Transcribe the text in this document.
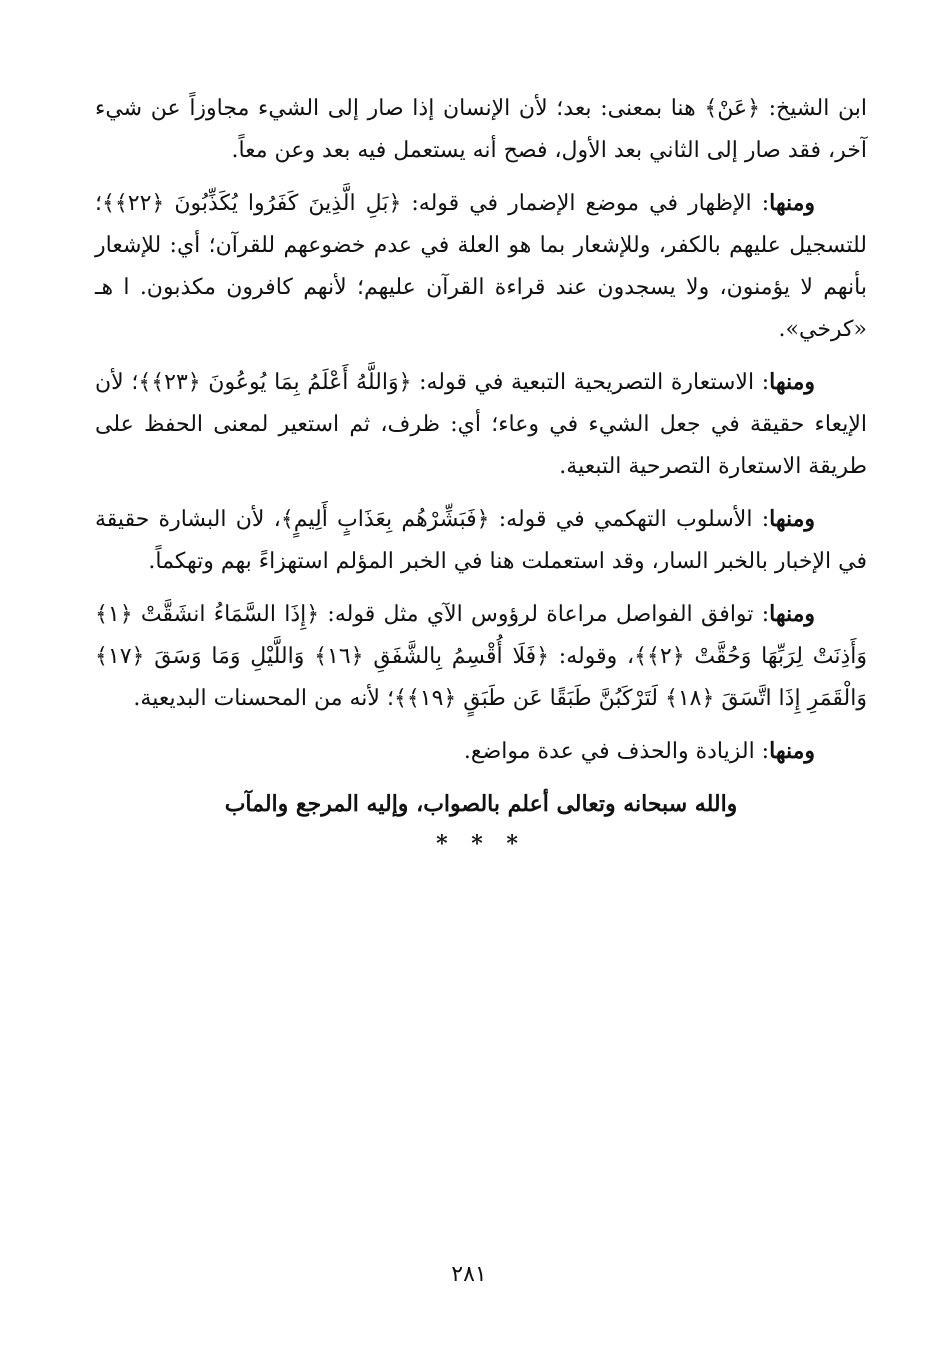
ابن الشيخ: ﴿عَنْ﴾ هنا بمعنى: بعد؛ لأن الإنسان إذا صار إلى الشيء مجاوزاً عن شيء آخر، فقد صار إلى الثاني بعد الأول، فصح أنه يستعمل فيه بعد وعن معاً.

ومنها: الإظهار في موضع الإضمار في قوله: ﴿بَلِ الَّذِينَ كَفَرُوا يُكَذِّبُونَ ﴿٢٢﴾﴾؛ للتسجيل عليهم بالكفر، وللإشعار بما هو العلة في عدم خضوعهم للقرآن؛ أي: للإشعار بأنهم لا يؤمنون، ولا يسجدون عند قراءة القرآن عليهم؛ لأنهم كافرون مكذبون. ا هـ «كرخي».

ومنها: الاستعارة التصريحية التبعية في قوله: ﴿وَاللَّهُ أَعْلَمُ بِمَا يُوعُونَ ﴿٢٣﴾﴾؛ لأن الإيعاء حقيقة في جعل الشيء في وعاء؛ أي: ظرف، ثم استعير لمعنى الحفظ على طريقة الاستعارة التصرحية التبعية.

ومنها: الأسلوب التهكمي في قوله: ﴿فَبَشِّرْهُم بِعَذَابٍ أَلِيمٍ﴾، لأن البشارة حقيقة في الإخبار بالخبر السار، وقد استعملت هنا في الخبر المؤلم استهزاءً بهم وتهكماً.

ومنها: توافق الفواصل مراعاة لرؤوس الآي مثل قوله: ﴿إِذَا السَّمَاءُ انشَقَّتْ ﴿١﴾ وَأَذِنَتْ لِرَبِّهَا وَحُقَّتْ ﴿٢﴾﴾، وقوله: ﴿فَلَا أُقْسِمُ بِالشَّفَقِ ﴿١٦﴾ وَاللَّيْلِ وَمَا وَسَقَ ﴿١٧﴾ وَالْقَمَرِ إِذَا اتَّسَقَ ﴿١٨﴾ لَتَرْكَبُنَّ طَبَقًا عَن طَبَقٍ ﴿١٩﴾﴾؛ لأنه من المحسنات البديعية.

ومنها: الزيادة والحذف في عدة مواضع.

والله سبحانه وتعالى أعلم بالصواب، وإليه المرجع والمآب
* * *
٢٨١
